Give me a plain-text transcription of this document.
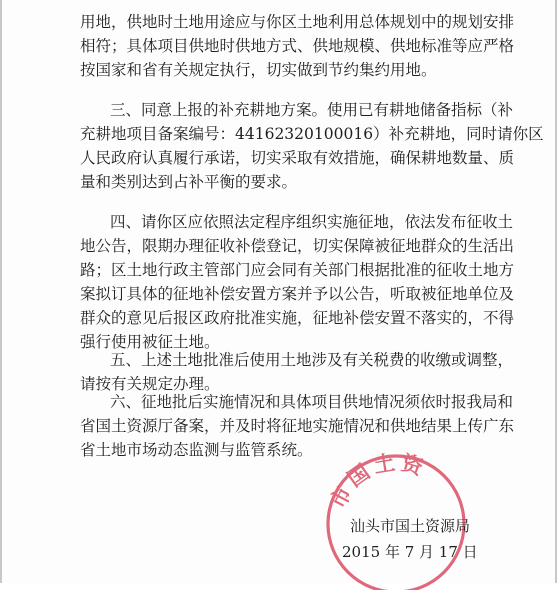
用地，供地时土地用途应与你区土地利用总体规划中的规划安排
相符；具体项目供地时供地方式、供地规模、供地标准等应严格
按国家和省有关规定执行，切实做到节约集约用地。
三、同意上报的补充耕地方案。使用已有耕地储备指标（补
充耕地项目备案编号：44162320100016）补充耕地，同时请你区
人民政府认真履行承诺，切实采取有效措施，确保耕地数量、质
量和类别达到占补平衡的要求。
四、请你区应依照法定程序组织实施征地，依法发布征收土
地公告，限期办理征收补偿登记，切实保障被征地群众的生活出
路；区土地行政主管部门应会同有关部门根据批准的征收土地方
案拟订具体的征地补偿安置方案并予以公告，听取被征地单位及
群众的意见后报区政府批准实施，征地补偿安置不落实的，不得
强行使用被征土地。
五、上述土地批准后使用土地涉及有关税费的收缴或调整，
请按有关规定办理。
六、征地批后实施情况和具体项目供地情况须依时报我局和
省国土资源厅备案，并及时将征地实施情况和供地结果上传广东
省土地市场动态监测与监管系统。
市国土资
汕头市国土资源局
2015 年 7 月 17 日
